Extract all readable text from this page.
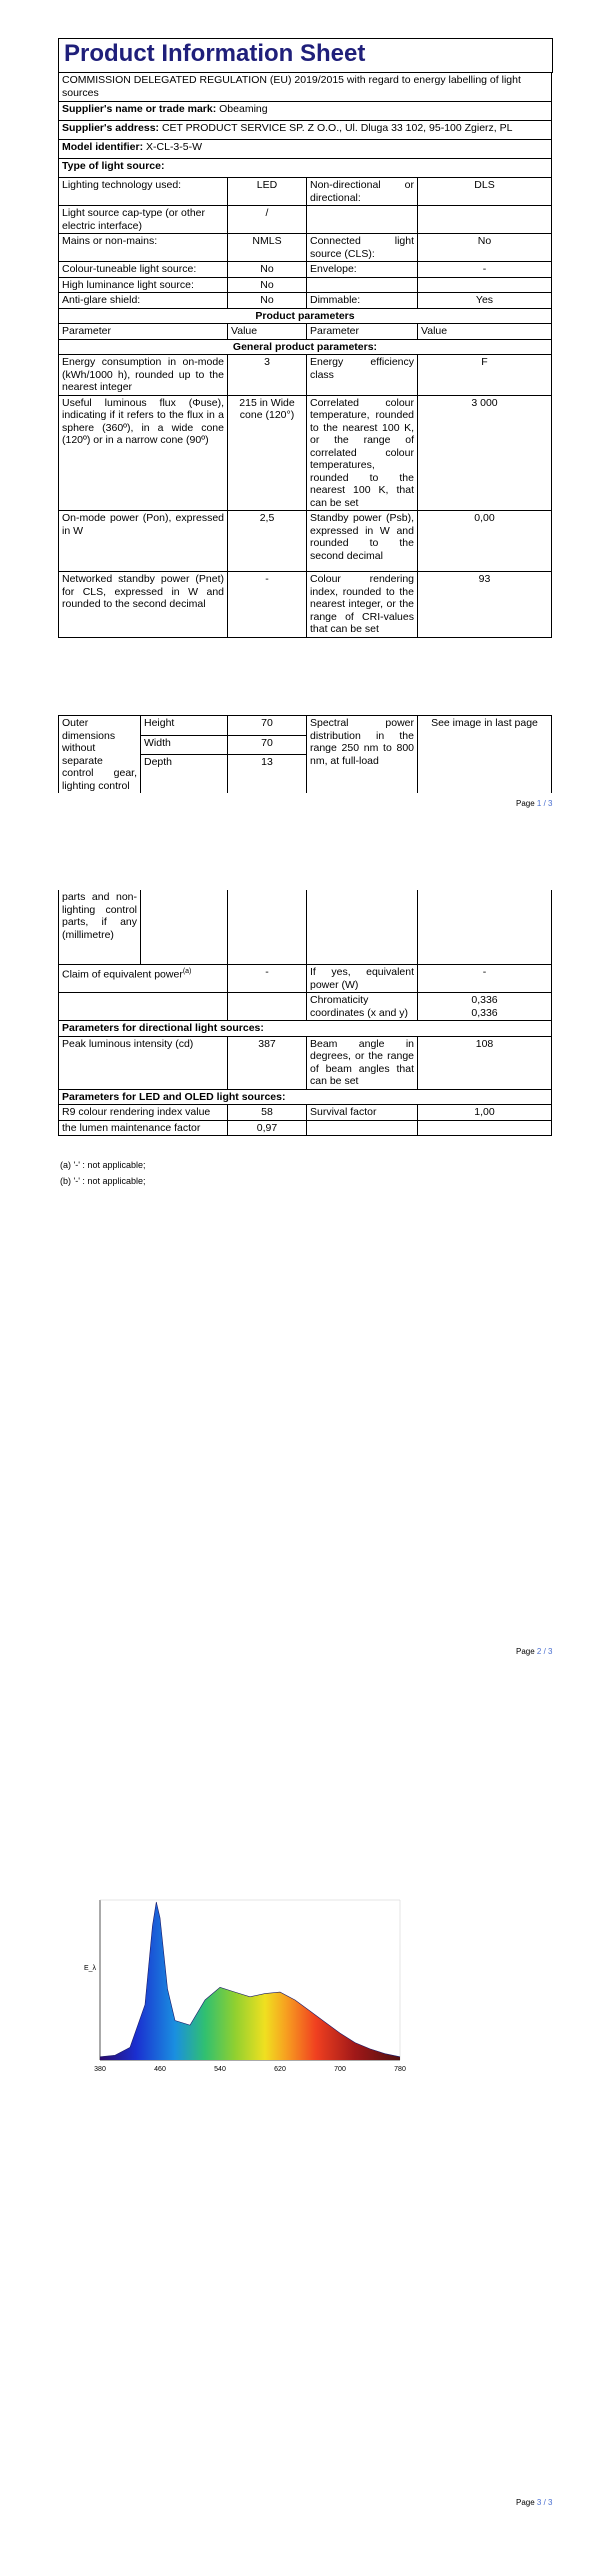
Product Information Sheet
COMMISSION DELEGATED REGULATION (EU) 2019/2015 with regard to energy labelling of light sources			
Supplier's name or trade mark: Obeaming			
Supplier's address: CET PRODUCT SERVICE SP. Z O.O., Ul. Dluga 33 102, 95-100 Zgierz, PL			
Model identifier: X-CL-3-5-W			
Type of light source:			
Lighting technology used:	LED	Non-directional or directional:	DLS
Light source cap-type (or other electric interface)	/		
Mains or non-mains:	NMLS	Connected light source (CLS):	No
Colour-tuneable light source:	No	Envelope:	-
High luminance light source:	No		
Anti-glare shield:	No	Dimmable:	Yes
Product parameters			
Parameter	Value	Parameter	Value
General product parameters:			
Energy consumption in on-mode (kWh/1000 h), rounded up to the nearest integer	3	Energy efficiency class	F
Useful luminous flux (Φuse), indicating if it refers to the flux in a sphere (360º), in a wide cone (120º) or in a narrow cone (90º)	215 in Wide cone (120°)	Correlated colour temperature, rounded to the nearest 100 K, or the range of correlated colour temperatures, rounded to the nearest 100 K, that can be set	3 000
On-mode power (Pon), expressed in W	2,5	Standby power (Psb), expressed in W and rounded to the second decimal	0,00
Networked standby power (Pnet) for CLS, expressed in W and rounded to the second decimal	-	Colour rendering index, rounded to the nearest integer, or the range of CRI-values that can be set	93
Outer dimensions without separate control gear, lighting control	Height	70	Spectral power distribution in the range 250 nm to 800 nm, at full-load	See image in last page
	Width	70		
	Depth	13		
Page 1 / 3
parts and non-lighting control parts, if any (millimetre)				
Claim of equivalent power$^{(a)}$		-	If yes, equivalent power (W)	-
			Chromaticity coordinates (x and y)	0,336
0,336
Parameters for directional light sources:				
Peak luminous intensity (cd)		387	Beam angle in degrees, or the range of beam angles that can be set	108
Parameters for LED and OLED light sources:				
R9 colour rendering index value		58	Survival factor	1,00
the lumen maintenance factor		0,97		
(a) '-' : not applicable;
(b) '-' : not applicable;
Page 2 / 3
E_λ
380	460	540	620	700	780
Page 3 / 3
